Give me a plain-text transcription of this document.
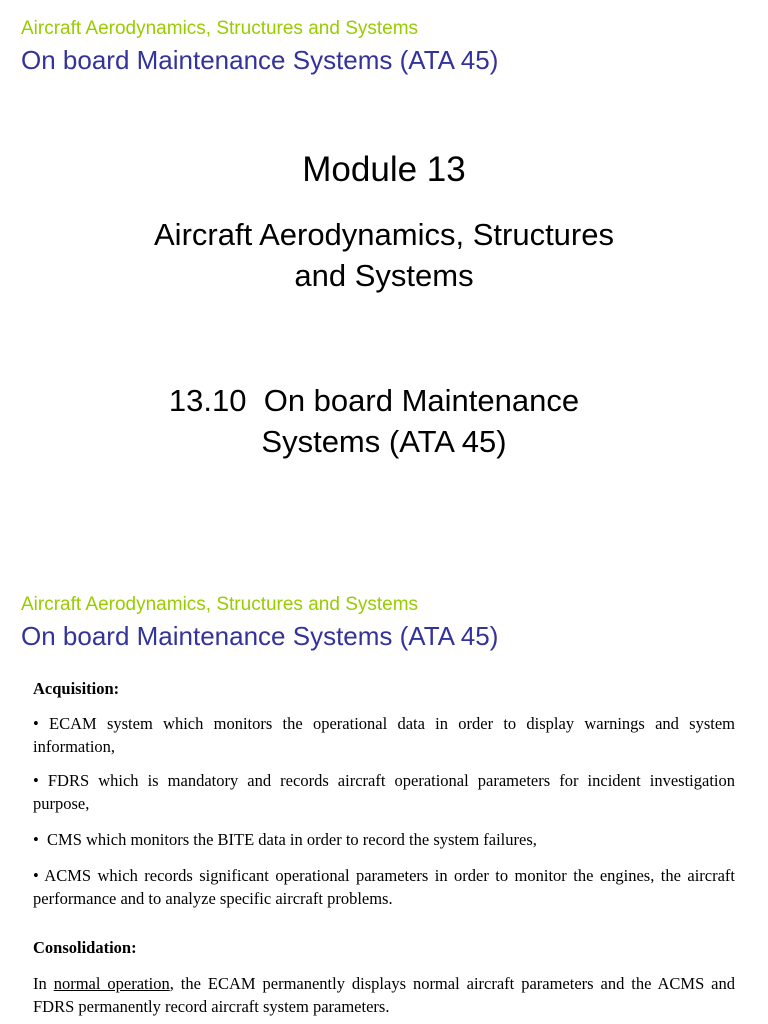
Aircraft Aerodynamics, Structures and Systems
On board Maintenance Systems (ATA 45)
Module 13
Aircraft Aerodynamics, Structures
and Systems
13.10  On board Maintenance
Systems (ATA 45)
Aircraft Aerodynamics, Structures and Systems
On board Maintenance Systems (ATA 45)

Acquisition:

• ECAM system which monitors the operational data in order to display warnings and system information,

• FDRS which is mandatory and records aircraft operational parameters for incident investigation purpose,

•  CMS which monitors the BITE data in order to record the system failures,

• ACMS which records significant operational parameters in order to monitor the engines, the aircraft performance and to analyze specific aircraft problems.

Consolidation:

In normal operation, the ECAM permanently displays normal aircraft parameters and the ACMS and FDRS permanently record aircraft system parameters.
